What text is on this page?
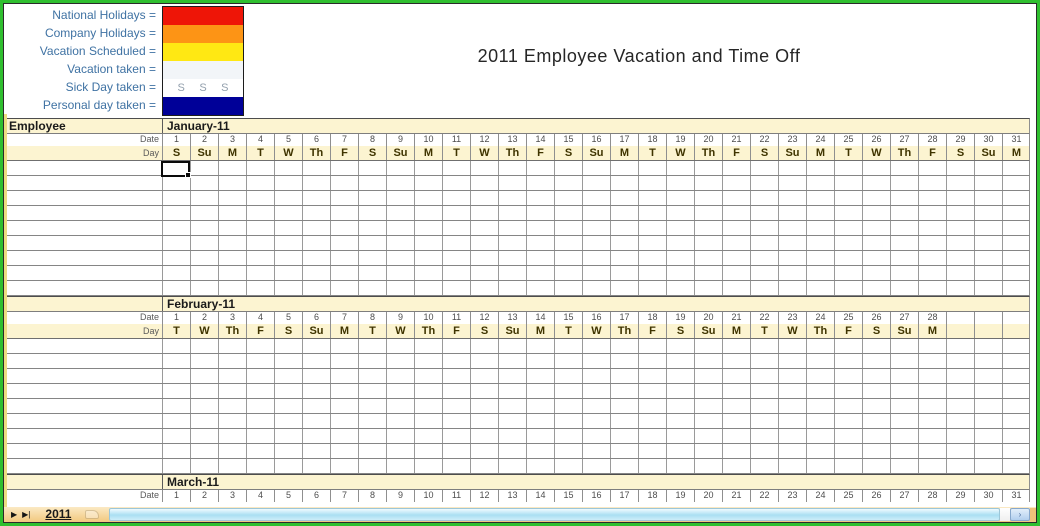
National Holidays =
Company Holidays =
Vacation Scheduled =
Vacation taken =
Sick Day taken =
Personal day taken =
S S S
2011 Employee Vacation and Time Off
Employee	January-11
Date	1	2	3	4	5	6	7	8	9	10	11	12	13	14	15	16	17	18	19	20	21	22	23	24	25	26	27	28	29	30	31
Day	S	Su	M	T	W	Th	F	S	Su	M	T	W	Th	F	S	Su	M	T	W	Th	F	S	Su	M	T	W	Th	F	S	Su	M
February-11
Date	1	2	3	4	5	6	7	8	9	10	11	12	13	14	15	16	17	18	19	20	21	22	23	24	25	26	27	28
Day	T	W	Th	F	S	Su	M	T	W	Th	F	S	Su	M	T	W	Th	F	S	Su	M	T	W	Th	F	S	Su	M
March-11
Date	1	2	3	4	5	6	7	8	9	10	11	12	13	14	15	16	17	18	19	20	21	22	23	24	25	26	27	28	29	30	31
▶ ▶|	2011	›
